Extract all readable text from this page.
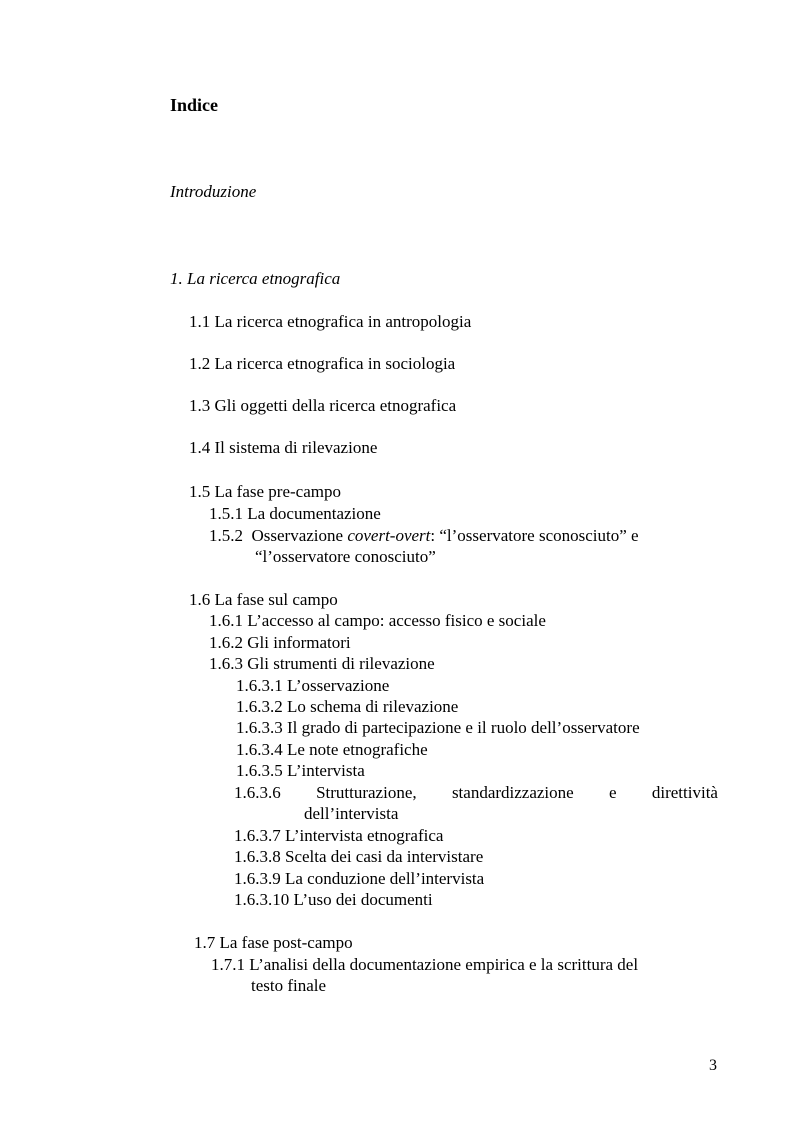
Indice
Introduzione
1. La ricerca etnografica
1.1 La ricerca etnografica in antropologia
1.2 La ricerca etnografica in sociologia
1.3 Gli oggetti della ricerca etnografica
1.4 Il sistema di rilevazione
1.5 La fase pre-campo
1.5.1 La documentazione
1.5.2 Osservazione covert-overt: “l’osservatore sconosciuto” e
“l’osservatore conosciuto”
1.6 La fase sul campo
1.6.1 L’accesso al campo: accesso fisico e sociale
1.6.2 Gli informatori
1.6.3 Gli strumenti di rilevazione
1.6.3.1 L’osservazione
1.6.3.2 Lo schema di rilevazione
1.6.3.3 Il grado di partecipazione e il ruolo dell’osservatore
1.6.3.4 Le note etnografiche
1.6.3.5 L’intervista
1.6.3.6 Strutturazione, standardizzazione e direttività
dell’intervista
1.6.3.7 L’intervista etnografica
1.6.3.8 Scelta dei casi da intervistare
1.6.3.9 La conduzione dell’intervista
1.6.3.10 L’uso dei documenti
1.7 La fase post-campo
1.7.1 L’analisi della documentazione empirica e la scrittura del
testo finale
3
